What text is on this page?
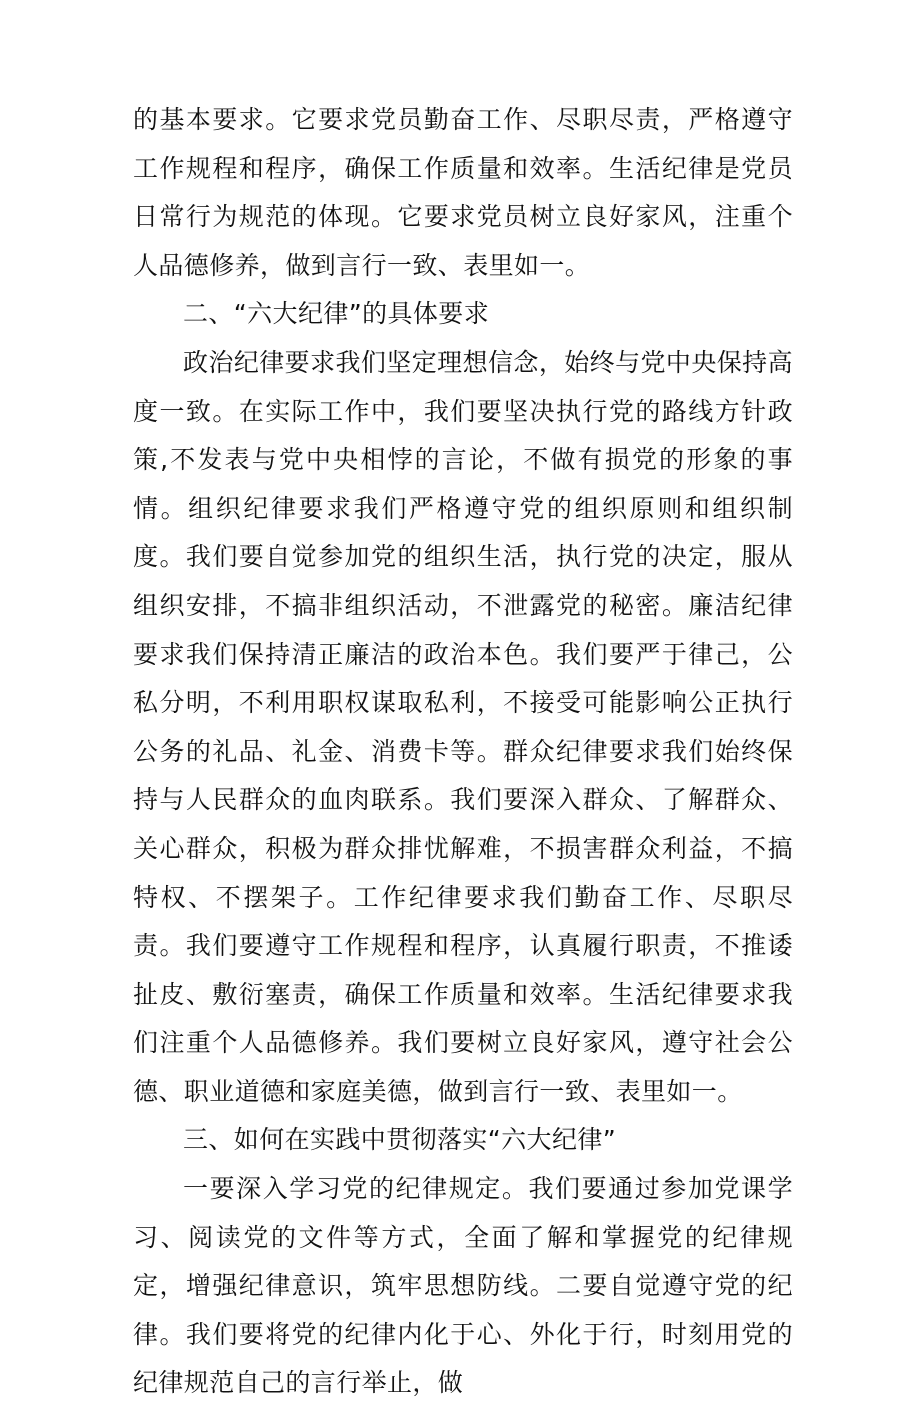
的基本要求。它要求党员勤奋工作、尽职尽责，严格遵守工作规程和程序，确保工作质量和效率。生活纪律是党员日常行为规范的体现。它要求党员树立良好家风，注重个人品德修养，做到言行一致、表里如一。

二、“六大纪律”的具体要求

政治纪律要求我们坚定理想信念，始终与党中央保持高度一致。在实际工作中，我们要坚决执行党的路线方针政策,不发表与党中央相悖的言论，不做有损党的形象的事情。组织纪律要求我们严格遵守党的组织原则和组织制度。我们要自觉参加党的组织生活，执行党的决定，服从组织安排，不搞非组织活动，不泄露党的秘密。廉洁纪律要求我们保持清正廉洁的政治本色。我们要严于律己，公私分明，不利用职权谋取私利，不接受可能影响公正执行公务的礼品、礼金、消费卡等。群众纪律要求我们始终保持与人民群众的血肉联系。我们要深入群众、了解群众、关心群众，积极为群众排忧解难，不损害群众利益，不搞特权、不摆架子。工作纪律要求我们勤奋工作、尽职尽责。我们要遵守工作规程和程序，认真履行职责，不推诿扯皮、敷衍塞责，确保工作质量和效率。生活纪律要求我们注重个人品德修养。我们要树立良好家风，遵守社会公德、职业道德和家庭美德，做到言行一致、表里如一。

三、如何在实践中贯彻落实“六大纪律”

一要深入学习党的纪律规定。我们要通过参加党课学习、阅读党的文件等方式，全面了解和掌握党的纪律规定，增强纪律意识，筑牢思想防线。二要自觉遵守党的纪律。我们要将党的纪律内化于心、外化于行，时刻用党的纪律规范自己的言行举止，做
